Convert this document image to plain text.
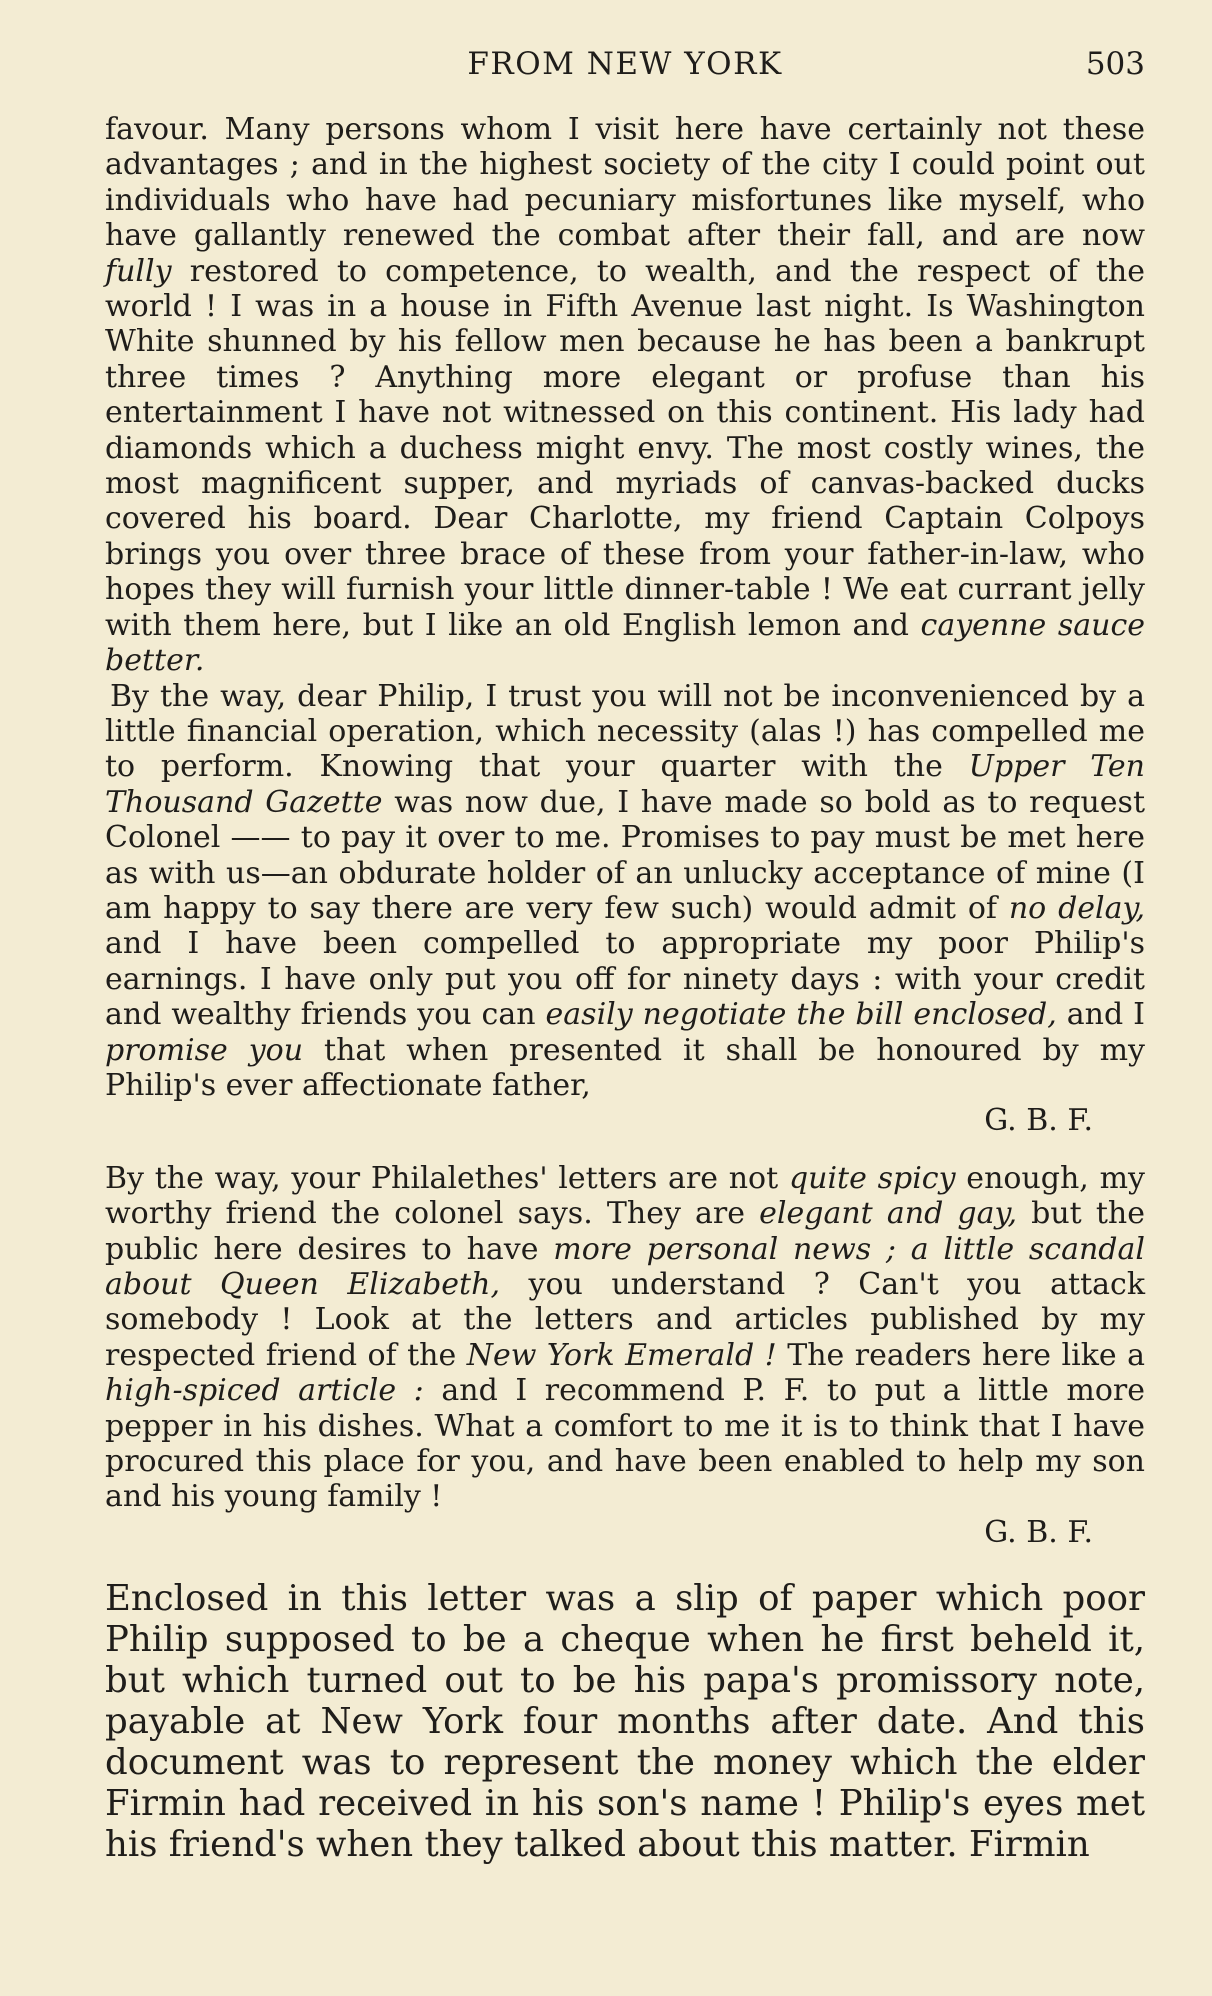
FROM NEW YORK	503

favour. Many persons whom I visit here have certainly not these advantages ; and in the highest society of the city I could point out individuals who have had pecuniary misfortunes like myself, who have gallantly renewed the combat after their fall, and are now fully restored to competence, to wealth, and the respect of the world ! I was in a house in Fifth Avenue last night. Is Washington White shunned by his fellow men because he has been a bankrupt three times ? Anything more elegant or profuse than his entertainment I have not witnessed on this continent. His lady had diamonds which a duchess might envy. The most costly wines, the most magnificent supper, and myriads of canvas-backed ducks covered his board. Dear Charlotte, my friend Captain Colpoys brings you over three brace of these from your father-in-law, who hopes they will furnish your little dinner-table ! We eat currant jelly with them here, but I like an old English lemon and cayenne sauce better.

By the way, dear Philip, I trust you will not be inconvenienced by a little financial operation, which necessity (alas !) has compelled me to perform. Knowing that your quarter with the Upper Ten Thousand Gazette was now due, I have made so bold as to request Colonel —— to pay it over to me. Promises to pay must be met here as with us—an obdurate holder of an unlucky acceptance of mine (I am happy to say there are very few such) would admit of no delay, and I have been compelled to appropriate my poor Philip's earnings. I have only put you off for ninety days : with your credit and wealthy friends you can easily negotiate the bill enclosed, and I promise you that when presented it shall be honoured by my Philip's ever affectionate father,

G. B. F.

By the way, your Philalethes' letters are not quite spicy enough, my worthy friend the colonel says. They are elegant and gay, but the public here desires to have more personal news ; a little scandal about Queen Elizabeth, you understand ? Can't you attack somebody ! Look at the letters and articles published by my respected friend of the New York Emerald ! The readers here like a high-spiced article : and I recommend P. F. to put a little more pepper in his dishes. What a comfort to me it is to think that I have procured this place for you, and have been enabled to help my son and his young family !

G. B. F.

Enclosed in this letter was a slip of paper which poor Philip supposed to be a cheque when he first beheld it, but which turned out to be his papa's promissory note, payable at New York four months after date. And this document was to represent the money which the elder Firmin had received in his son's name ! Philip's eyes met his friend's when they talked about this matter. Firmin
